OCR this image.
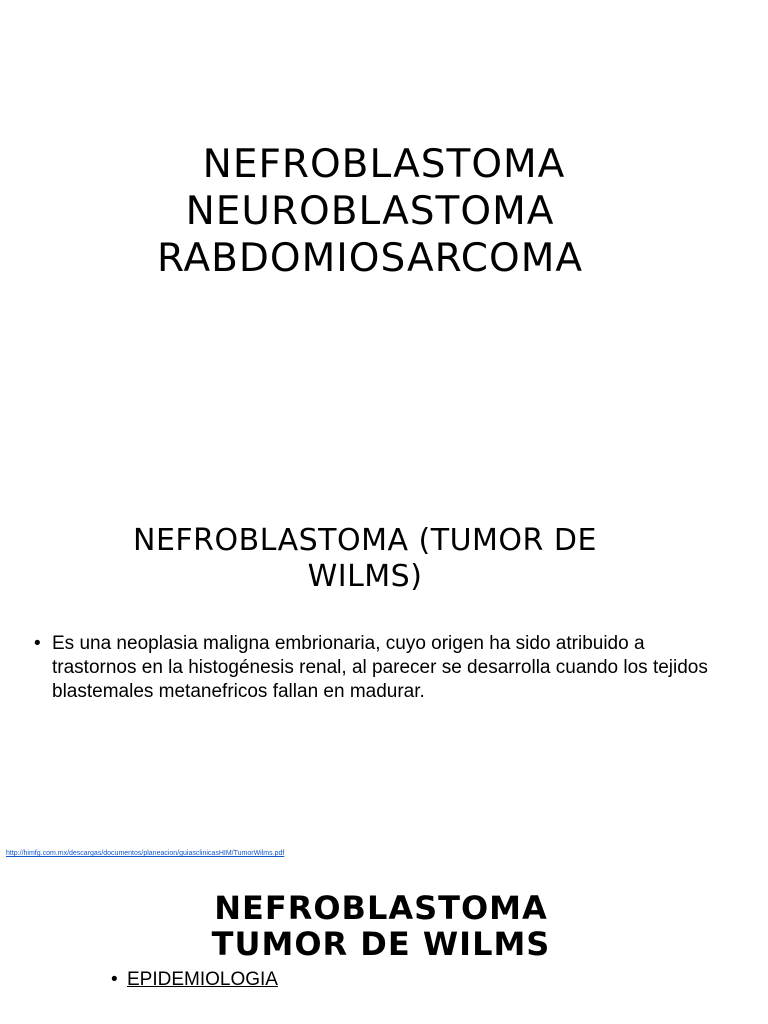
NEFROBLASTOMA
NEUROBLASTOMA
RABDOMIOSARCOMA
NEFROBLASTOMA (TUMOR DE
WILMS)
• Es una neoplasia maligna embrionaria, cuyo origen ha sido atribuido a trastornos en la histogénesis renal, al parecer se desarrolla cuando los tejidos blastemales metanefricos fallan en madurar.
http://himfg.com.mx/descargas/documentos/planeacion/guiasclinicasHIM/TumorWilms.pdf
NEFROBLASTOMA
TUMOR DE WILMS
• EPIDEMIOLOGIA
